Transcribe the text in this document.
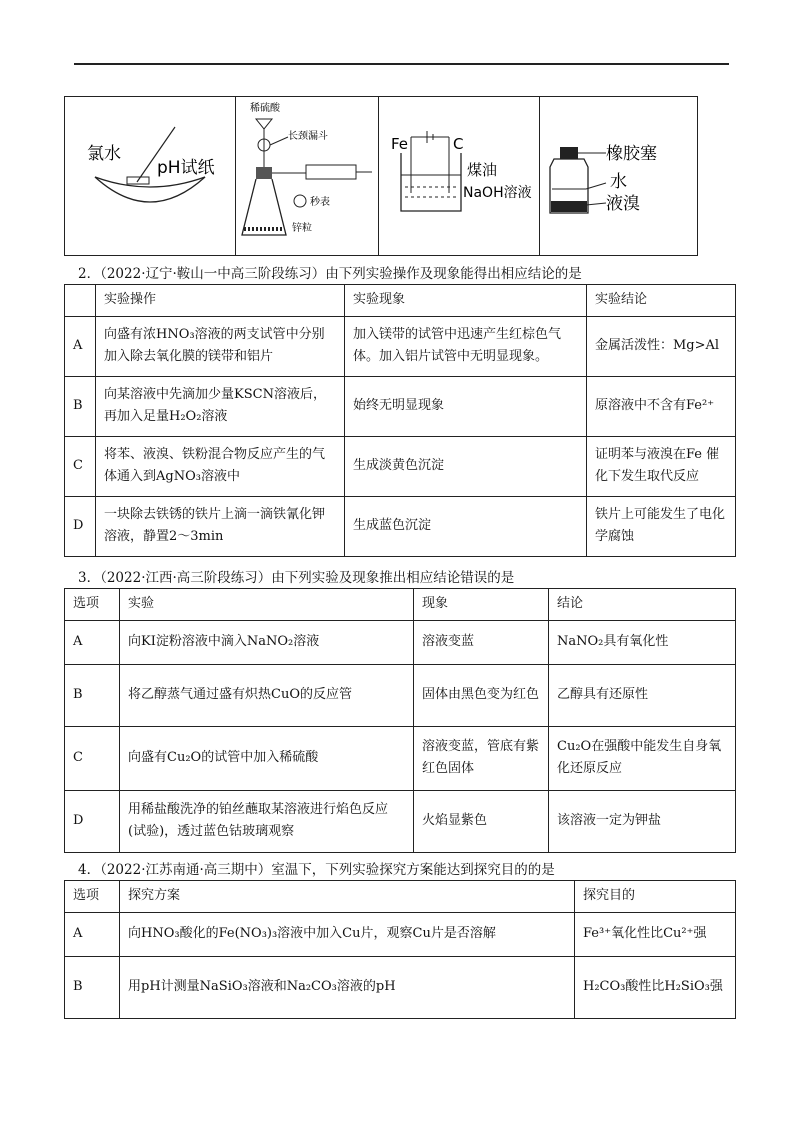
氯水
pH试纸
稀硫酸
长颈漏斗
秒表
锌粒
Fe	C
煤油
NaOH溶液
橡胶塞
水
液溴
2．（2022·辽宁·鞍山一中高三阶段练习）由下列实验操作及现象能得出相应结论的是
	实验操作	实验现象	实验结论
A	向盛有浓HNO₃溶液的两支试管中分别加入除去氧化膜的镁带和铝片	加入镁带的试管中迅速产生红棕色气体。加入铝片试管中无明显现象。	金属活泼性：Mg>Al
B	向某溶液中先滴加少量KSCN溶液后，再加入足量H₂O₂溶液	始终无明显现象	原溶液中不含有Fe²⁺
C	将苯、液溴、铁粉混合物反应产生的气体通入到AgNO₃溶液中	生成淡黄色沉淀	证明苯与液溴在Fe 催化下发生取代反应
D	一块除去铁锈的铁片上滴一滴铁氰化钾溶液，静置2～3min	生成蓝色沉淀	铁片上可能发生了电化学腐蚀
3．（2022·江西·高三阶段练习）由下列实验及现象推出相应结论错误的是
选项	实验	现象	结论
A	向KI淀粉溶液中滴入NaNO₂溶液	溶液变蓝	NaNO₂具有氧化性
B	将乙醇蒸气通过盛有炽热CuO的反应管	固体由黑色变为红色	乙醇具有还原性
C	向盛有Cu₂O的试管中加入稀硫酸	溶液变蓝，管底有紫红色固体	Cu₂O在强酸中能发生自身氧化还原反应
D	用稀盐酸洗净的铂丝蘸取某溶液进行焰色反应(试验)，透过蓝色钴玻璃观察	火焰显紫色	该溶液一定为钾盐
4．（2022·江苏南通·高三期中）室温下，下列实验探究方案能达到探究目的的是
选项	探究方案	探究目的
A	向HNO₃酸化的Fe(NO₃)₃溶液中加入Cu片，观察Cu片是否溶解	Fe³⁺氧化性比Cu²⁺强
B	用pH计测量NaSiO₃溶液和Na₂CO₃溶液的pH	H₂CO₃酸性比H₂SiO₃强
